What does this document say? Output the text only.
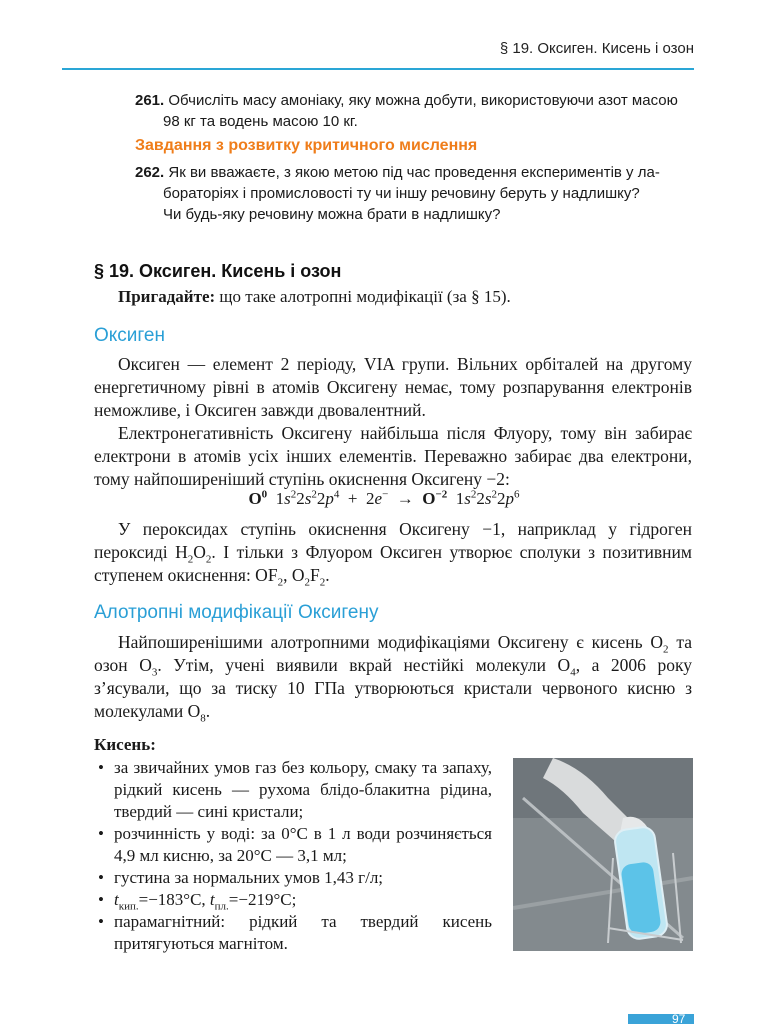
§ 19. Оксиген. Кисень і озон
261. Обчисліть масу амоніаку, яку можна добути, використовуючи азот масою
98 кг та водень масою 10 кг.
Завдання з розвитку критичного мислення
262. Як ви вважаєте, з якою метою під час проведення експериментів у ла-
бораторіях і промисловості ту чи іншу речовину беруть у надлишку?
Чи будь-яку речовину можна брати в надлишку?
§ 19. Оксиген. Кисень і озон
Пригадайте: що таке алотропні модифікації (за § 15).
Оксиген
Оксиген — елемент 2 періоду, VIA групи. Вільних орбіталей на другому енергетичному рівні в атомів Оксигену немає, тому розпарування електронів неможливе, і Оксиген завжди двовалентний.
Електронегативність Оксигену найбільша після Флуору, тому він забирає електрони в атомів усіх інших елементів. Переважно забирає два електрони, тому найпоширеніший ступінь окиснення Оксигену −2:
$O^0$  $1s^22s^22p^4 + 2e^- \to O^{-2}$  $1s^22s^22p^6$
У пероксидах ступінь окиснення Оксигену −1, наприклад у гідроген пероксиді $H_2O_2$. І тільки з Флуором Оксиген утворює сполуки з позитивним ступенем окиснення: $OF_2$, $O_2F_2$.
Алотропні модифікації Оксигену
Найпоширенішими алотропними модифікаціями Оксигену є кисень $O_2$ та озон $O_3$. Утім, учені виявили вкрай нестійкі молекули $O_4$, а 2006 року з’ясували, що за тиску 10 ГПа утворюються кристали червоного кисню з молекулами $O_8$.
Кисень:
• за звичайних умов газ без кольору, смаку та запаху, рідкий кисень — рухома блідо-блакитна рідина, твердий — сині кристали;
• розчинність у воді: за 0°C в 1 л води розчиняється 4,9 мл кисню, за 20°C — 3,1 мл;
• густина за нормальних умов 1,43 г/л;
• $t_{кип.}=-183^\circ C$, $t_{пл.}=-219^\circ C$;
• парамагнітний: рідкий та твердий кисень притягуються магнітом.
97
